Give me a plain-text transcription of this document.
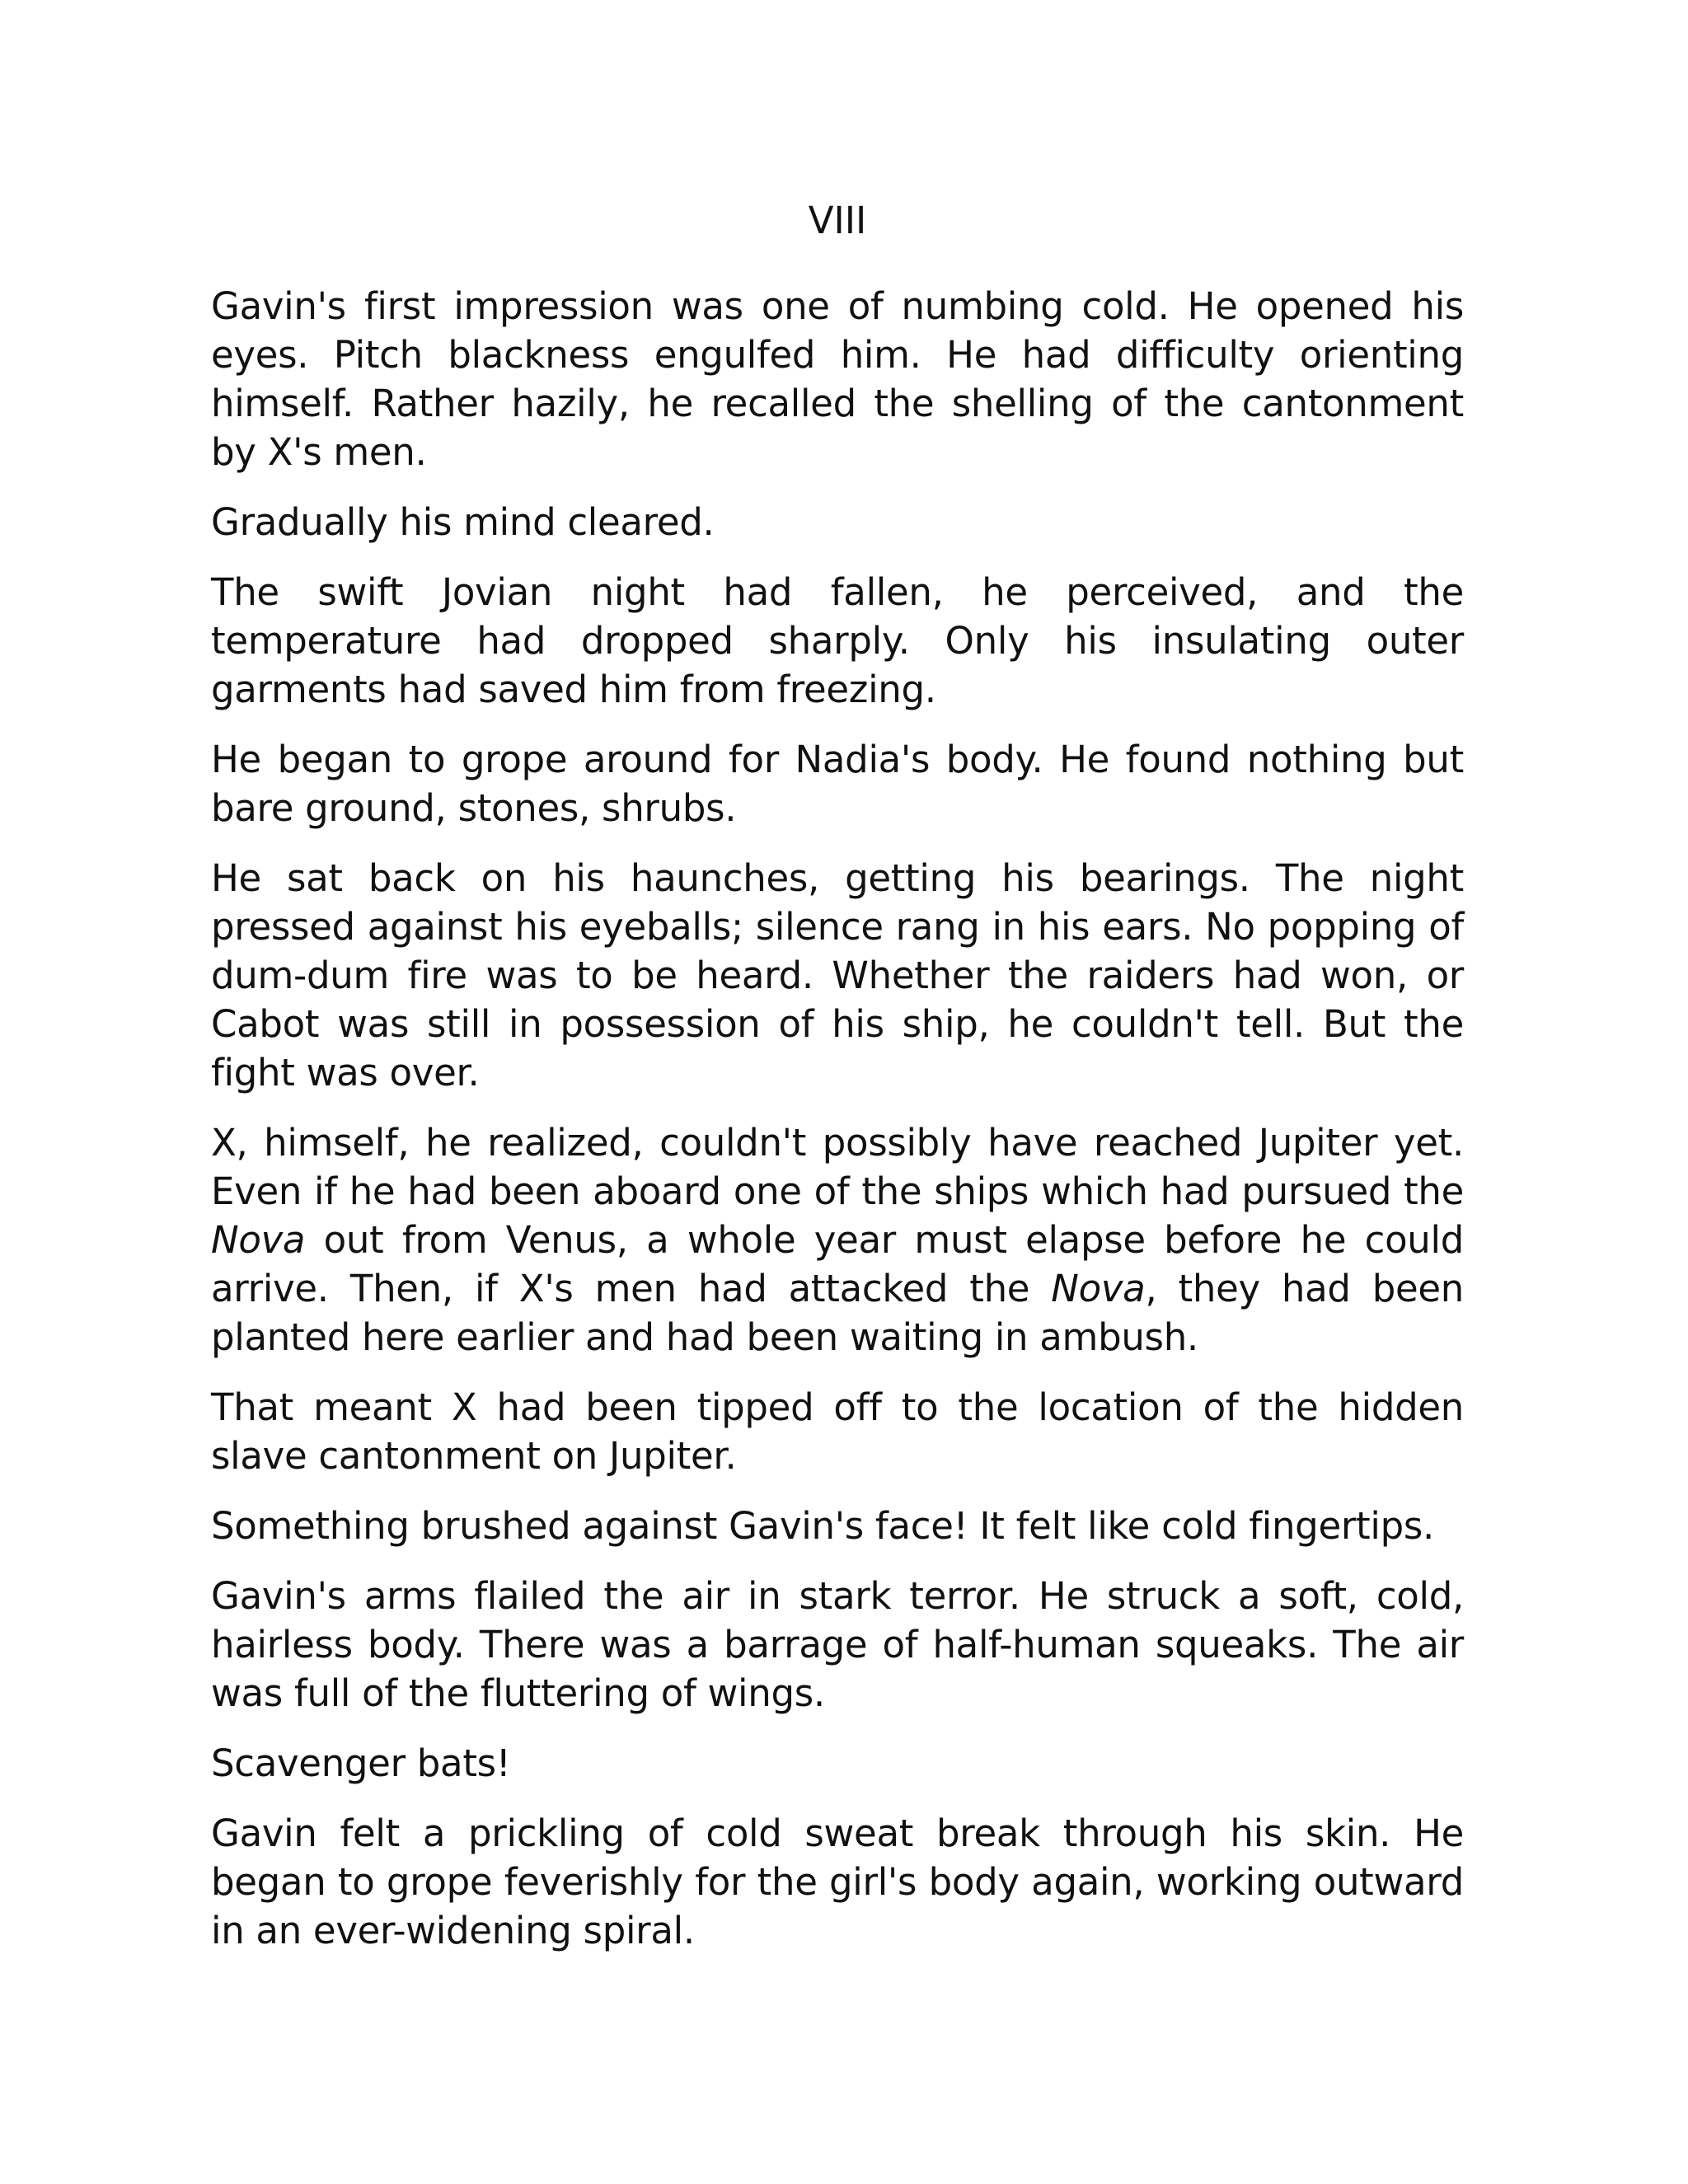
VIII

Gavin's first impression was one of numbing cold. He opened his eyes. Pitch blackness engulfed him. He had difficulty orienting himself. Rather hazily, he recalled the shelling of the cantonment by X's men.

Gradually his mind cleared.

The swift Jovian night had fallen, he perceived, and the temperature had dropped sharply. Only his insulating outer garments had saved him from freezing.

He began to grope around for Nadia's body. He found nothing but bare ground, stones, shrubs.

He sat back on his haunches, getting his bearings. The night pressed against his eyeballs; silence rang in his ears. No popping of dum-dum fire was to be heard. Whether the raiders had won, or Cabot was still in possession of his ship, he couldn't tell. But the fight was over.

X, himself, he realized, couldn't possibly have reached Jupiter yet. Even if he had been aboard one of the ships which had pursued the Nova out from Venus, a whole year must elapse before he could arrive. Then, if X's men had attacked the Nova, they had been planted here earlier and had been waiting in ambush.

That meant X had been tipped off to the location of the hidden slave cantonment on Jupiter.

Something brushed against Gavin's face! It felt like cold fingertips.

Gavin's arms flailed the air in stark terror. He struck a soft, cold, hairless body. There was a barrage of half-human squeaks. The air was full of the fluttering of wings.

Scavenger bats!

Gavin felt a prickling of cold sweat break through his skin. He began to grope feverishly for the girl's body again, working outward in an ever-widening spiral.
